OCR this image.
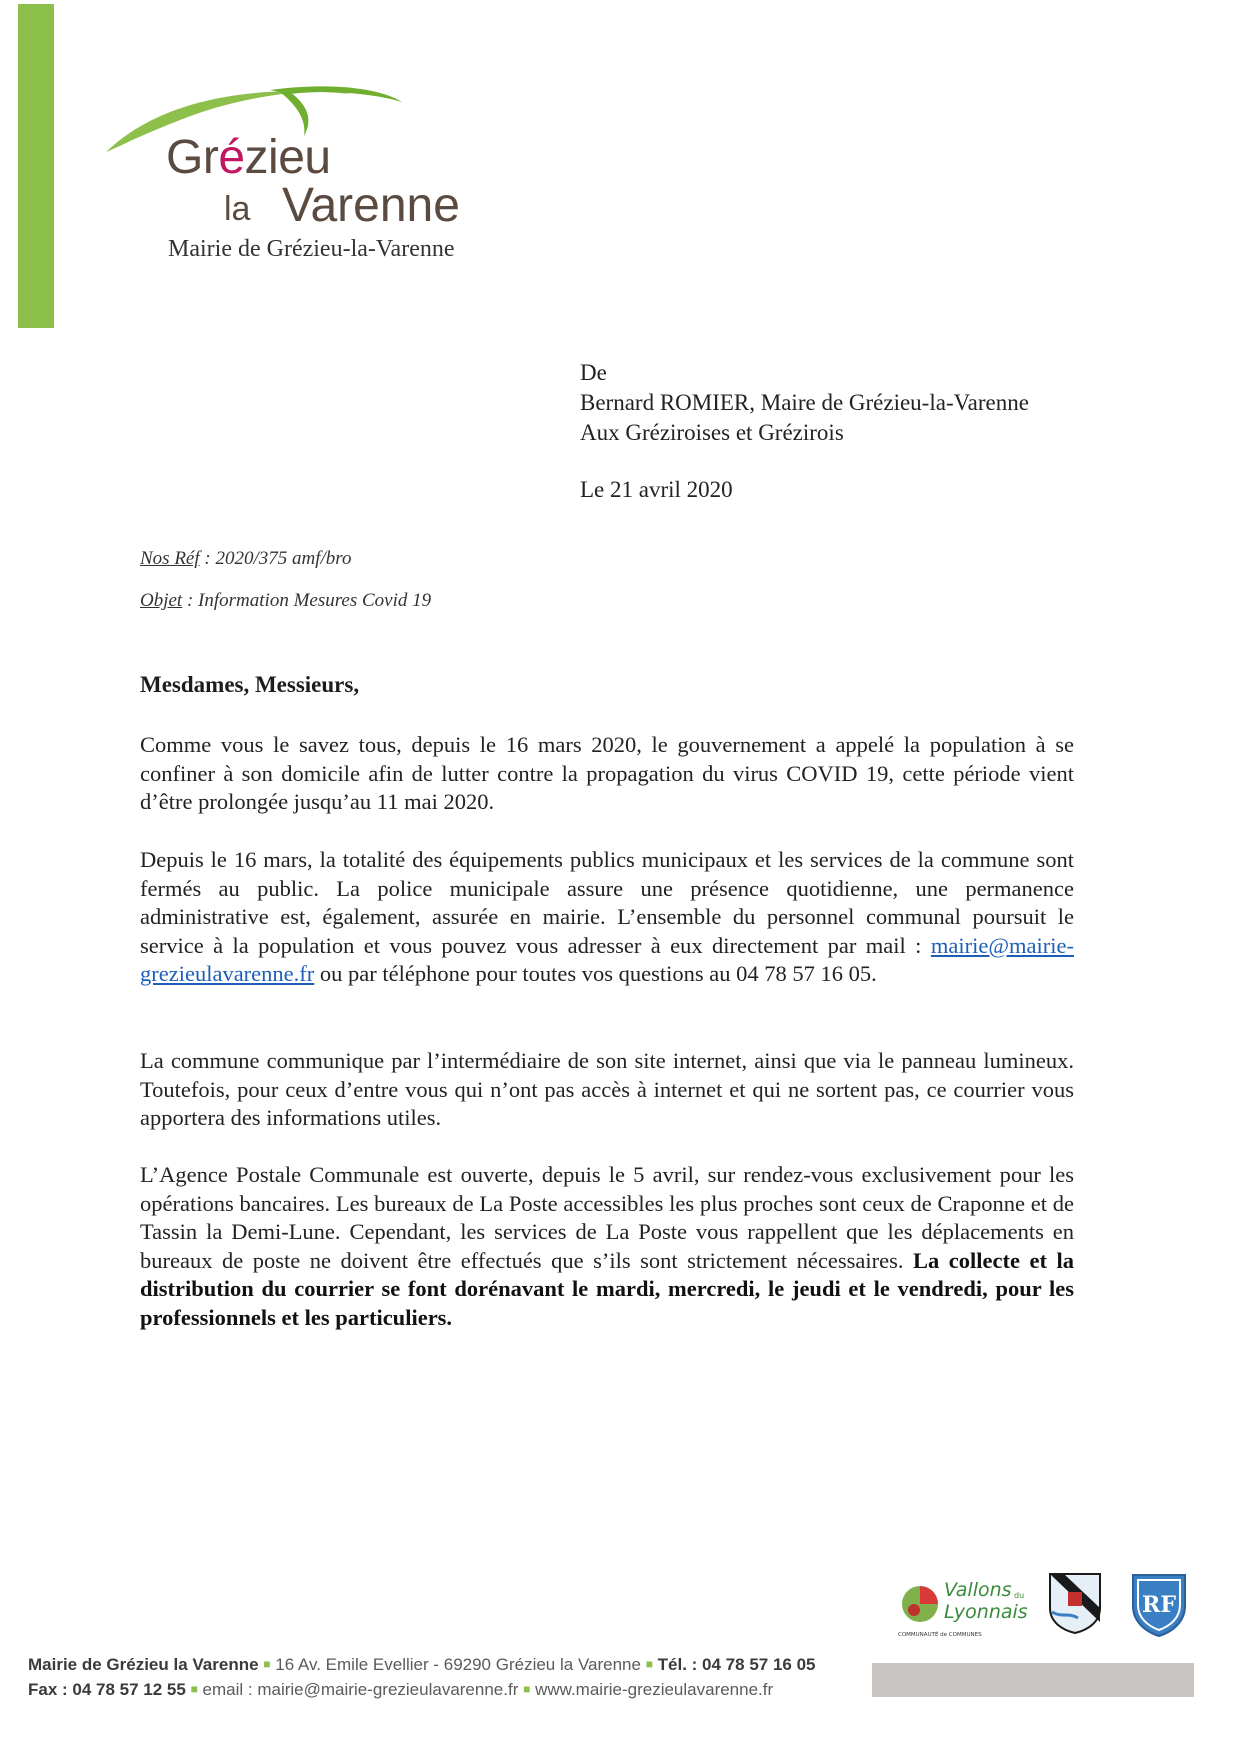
Grézieu
la Varenne
Mairie de Grézieu-la-Varenne
De
Bernard ROMIER, Maire de Grézieu-la-Varenne
Aux Gréziroises et Grézirois
Le 21 avril 2020
Nos Réf : 2020/375 amf/bro
Objet : Information Mesures Covid 19
Mesdames, Messieurs,
Comme vous le savez tous, depuis le 16 mars 2020, le gouvernement a appelé la population à se confiner à son domicile afin de lutter contre la propagation du virus COVID 19, cette période vient d’être prolongée jusqu’au 11 mai 2020.
Depuis le 16 mars, la totalité des équipements publics municipaux et les services de la commune sont fermés au public. La police municipale assure une présence quotidienne, une permanence administrative est, également, assurée en mairie. L’ensemble du personnel communal poursuit le service à la population et vous pouvez vous adresser à eux directement par mail : mairie@mairie-grezieulavarenne.fr ou par téléphone pour toutes vos questions au 04 78 57 16 05.
La commune communique par l’intermédiaire de son site internet, ainsi que via le panneau lumineux. Toutefois, pour ceux d’entre vous qui n’ont pas accès à internet et qui ne sortent pas, ce courrier vous apportera des informations utiles.
L’Agence Postale Communale est ouverte, depuis le 5 avril, sur rendez-vous exclusivement pour les opérations bancaires. Les bureaux de La Poste accessibles les plus proches sont ceux de Craponne et de Tassin la Demi-Lune. Cependant, les services de La Poste vous rappellent que les déplacements en bureaux de poste ne doivent être effectués que s’ils sont strictement nécessaires. La collecte et la distribution du courrier se font dorénavant le mardi, mercredi, le jeudi et le vendredi, pour les professionnels et les particuliers.
Vallons du
Lyonnais
COMMUNAUTÉ de COMMUNES
RF
Mairie de Grézieu la Varenne ■ 16 Av. Emile Evellier - 69290 Grézieu la Varenne ■ Tél. : 04 78 57 16 05
Fax : 04 78 57 12 55 ■ email : mairie@mairie-grezieulavarenne.fr ■ www.mairie-grezieulavarenne.fr
